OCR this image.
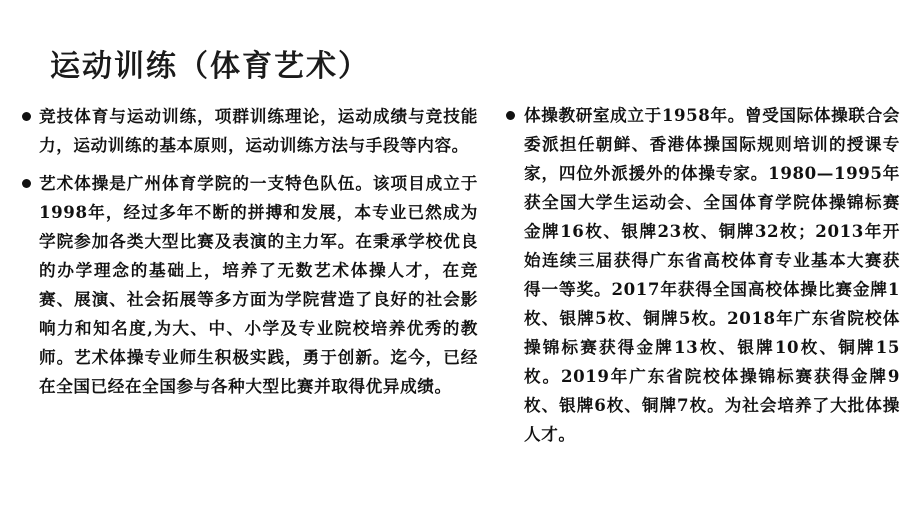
运动训练（体育艺术）
竞技体育与运动训练，项群训练理论，运动成绩与竞技能力，运动训练的基本原则，运动训练方法与手段等内容。
艺术体操是广州体育学院的一支特色队伍。该项目成立于1998年，经过多年不断的拼搏和发展，本专业已然成为学院参加各类大型比赛及表演的主力军。在秉承学校优良的办学理念的基础上，培养了无数艺术体操人才，在竞赛、展演、社会拓展等多方面为学院营造了良好的社会影响力和知名度,为大、中、小学及专业院校培养优秀的教师。艺术体操专业师生积极实践，勇于创新。迄今，已经在全国已经在全国参与各种大型比赛并取得优异成绩。
体操教研室成立于1958年。曾受国际体操联合会委派担任朝鲜、香港体操国际规则培训的授课专家，四位外派援外的体操专家。1980—1995年获全国大学生运动会、全国体育学院体操锦标赛金牌16枚、银牌23枚、铜牌32枚；2013年开始连续三届获得广东省高校体育专业基本大赛获得一等奖。2017年获得全国高校体操比赛金牌1枚、银牌5枚、铜牌5枚。2018年广东省院校体操锦标赛获得金牌13枚、银牌10枚、铜牌15枚。2019年广东省院校体操锦标赛获得金牌9枚、银牌6枚、铜牌7枚。为社会培养了大批体操人才。
